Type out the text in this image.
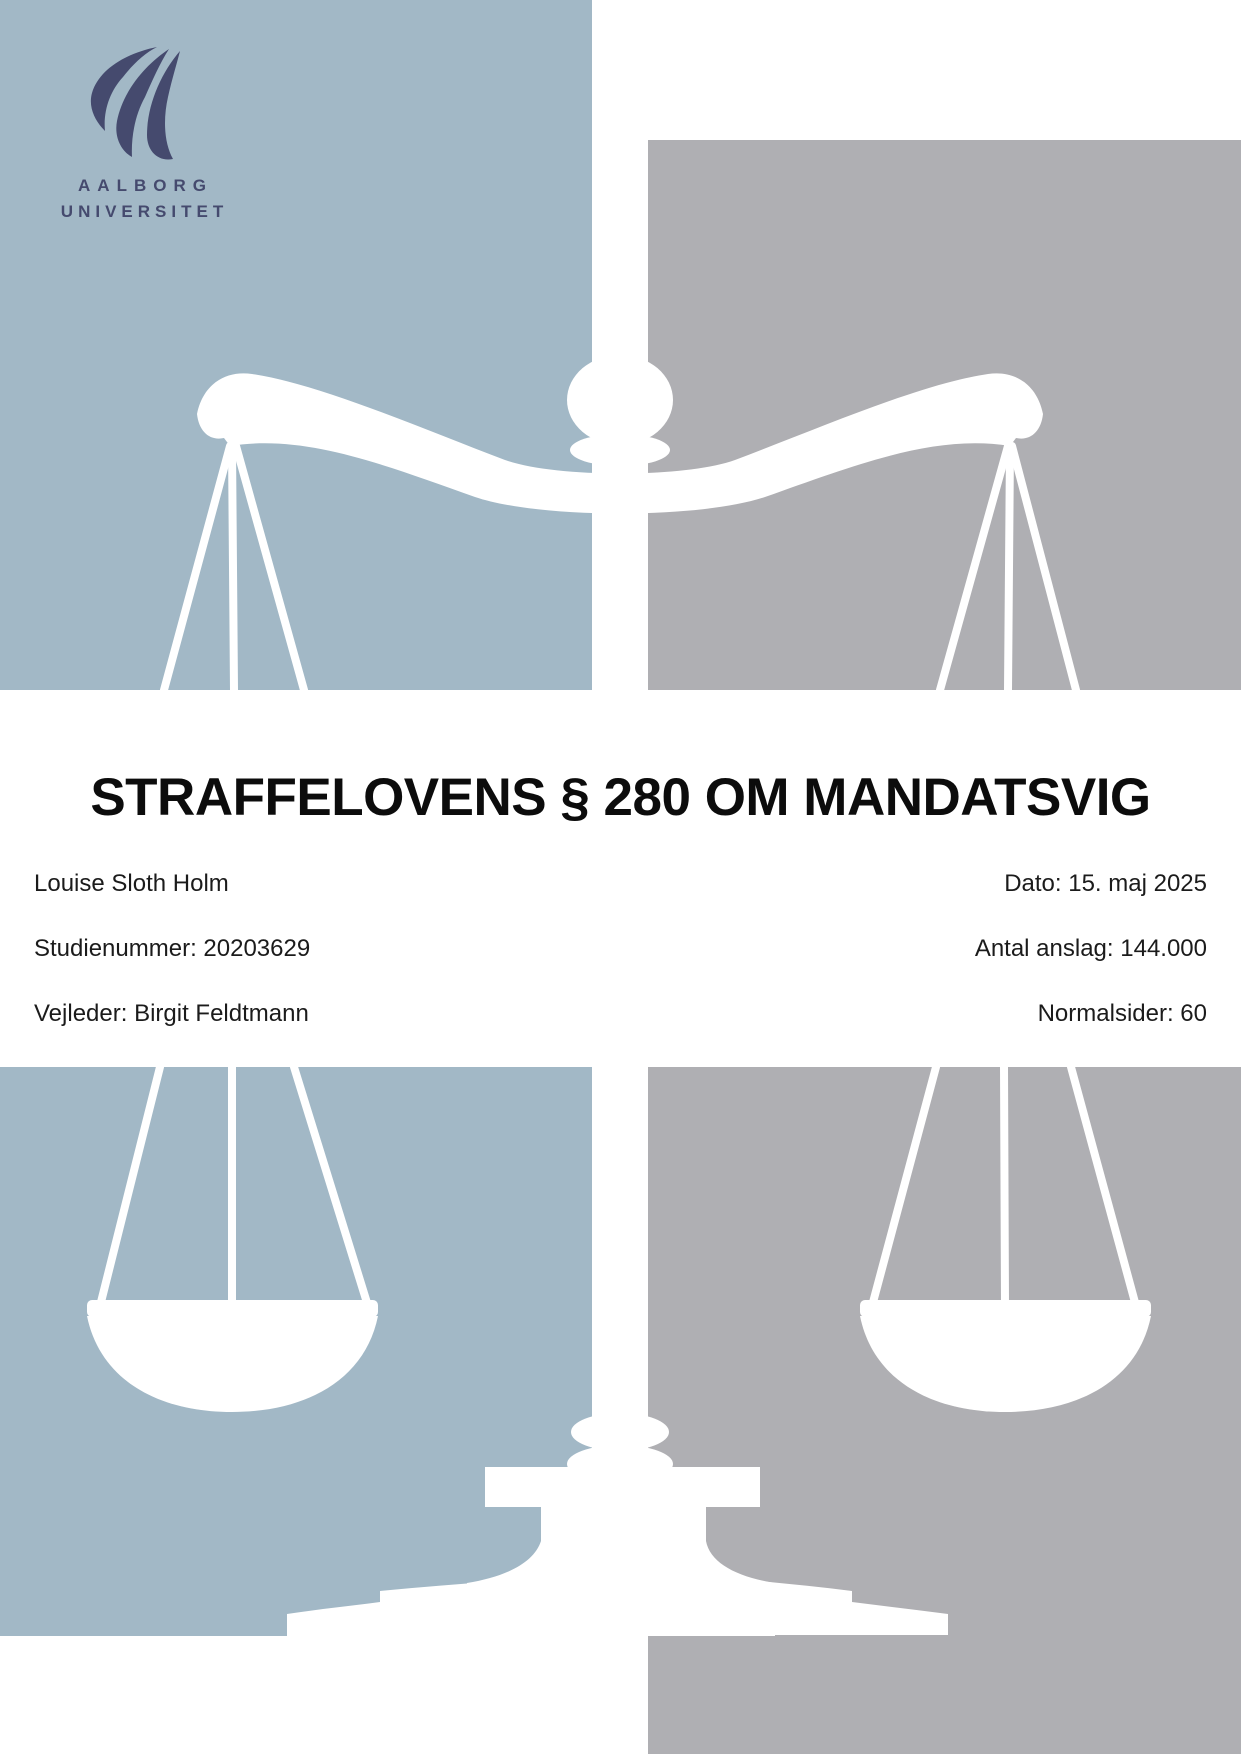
AALBORG
UNIVERSITET
STRAFFELOVENS § 280 OM MANDATSVIG
Louise Sloth Holm	Dato: 15. maj 2025
Studienummer: 20203629	Antal anslag: 144.000
Vejleder: Birgit Feldtmann	Normalsider: 60
